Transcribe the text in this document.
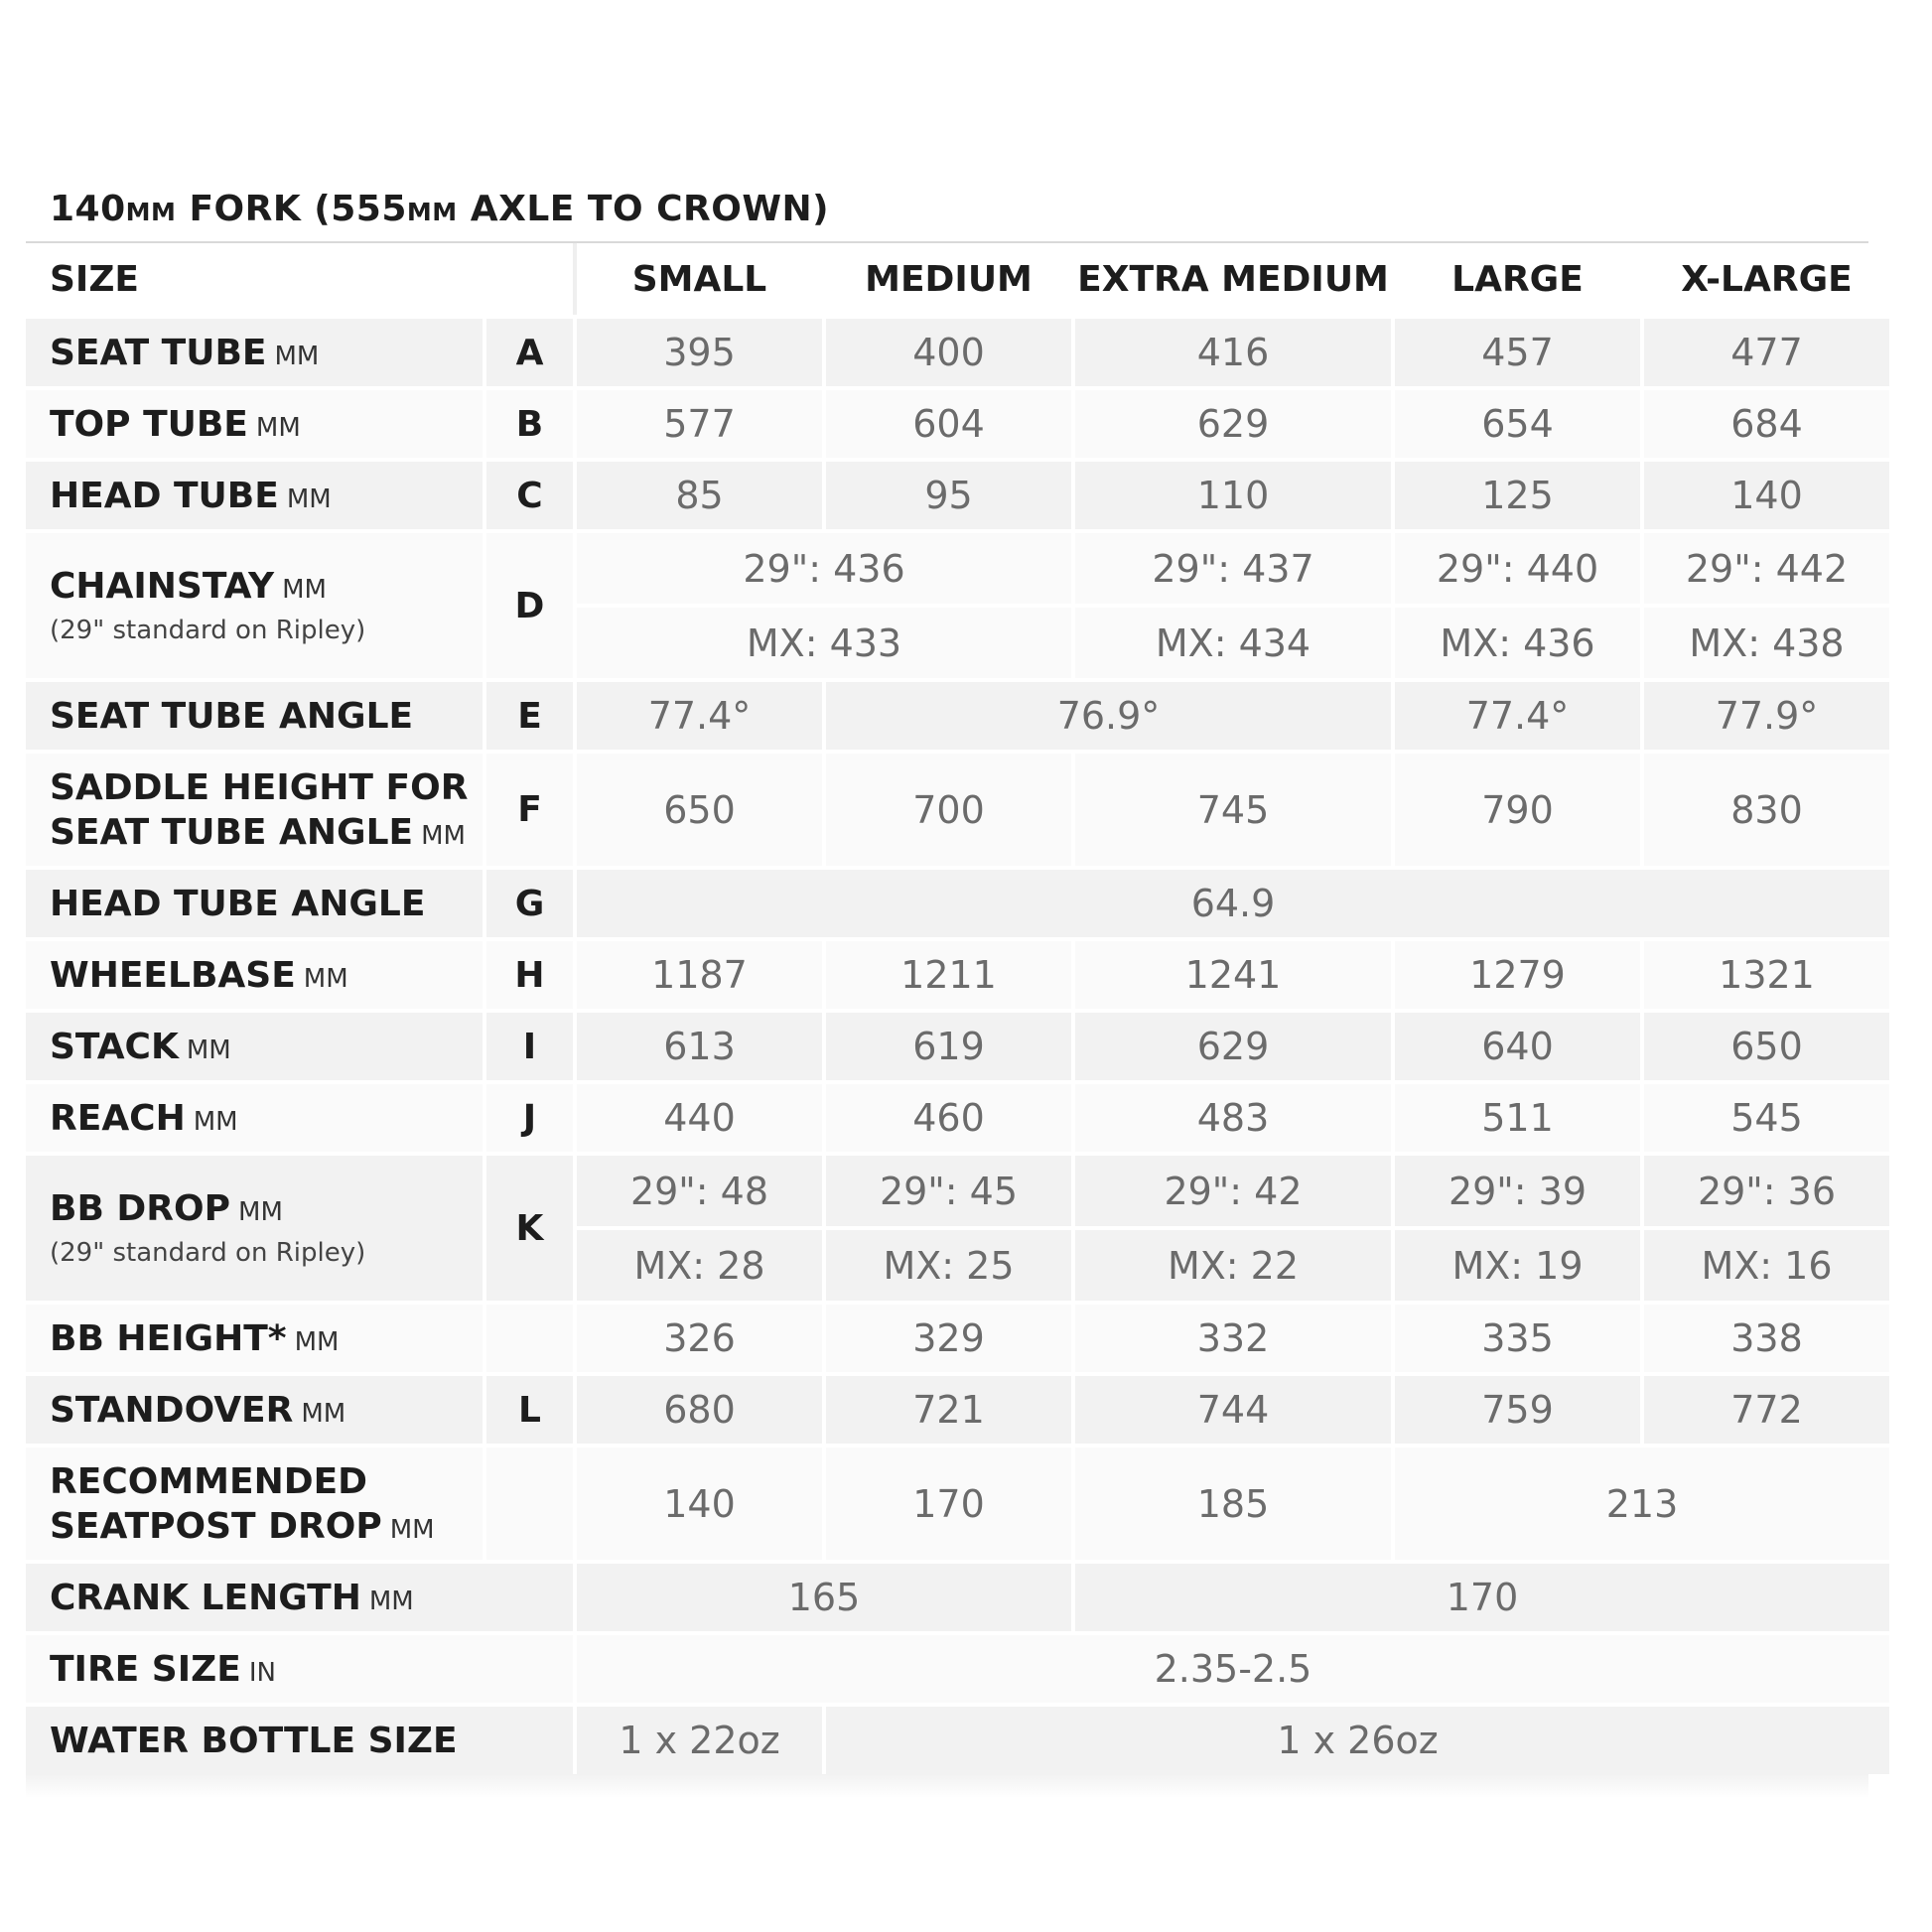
140MM FORK (555MM AXLE TO CROWN)
SIZE		SMALL	MEDIUM	EXTRA MEDIUM	LARGE	X-LARGE
SEAT TUBE MM	A	395	400	416	457	477
TOP TUBE MM	B	577	604	629	654	684
HEAD TUBE MM	C	85	95	110	125	140
CHAINSTAY MM
(29" standard on Ripley)	D	29": 436		29": 437	29": 440	29": 442
		MX: 433		MX: 434	MX: 436	MX: 438
SEAT TUBE ANGLE	E	77.4°	76.9°		77.4°	77.9°
SADDLE HEIGHT FOR
SEAT TUBE ANGLE MM	F	650	700	745	790	830
HEAD TUBE ANGLE	G	64.9				
WHEELBASE MM	H	1187	1211	1241	1279	1321
STACK MM	I	613	619	629	640	650
REACH MM	J	440	460	483	511	545
BB DROP MM
(29" standard on Ripley)	K	29": 48	29": 45	29": 42	29": 39	29": 36
		MX: 28	MX: 25	MX: 22	MX: 19	MX: 16
BB HEIGHT* MM		326	329	332	335	338
STANDOVER MM	L	680	721	744	759	772
RECOMMENDED
SEATPOST DROP MM		140	170	185	213	
CRANK LENGTH MM		165		170		
TIRE SIZE IN		2.35-2.5				
WATER BOTTLE SIZE		1 x 22oz	1 x 26oz			
